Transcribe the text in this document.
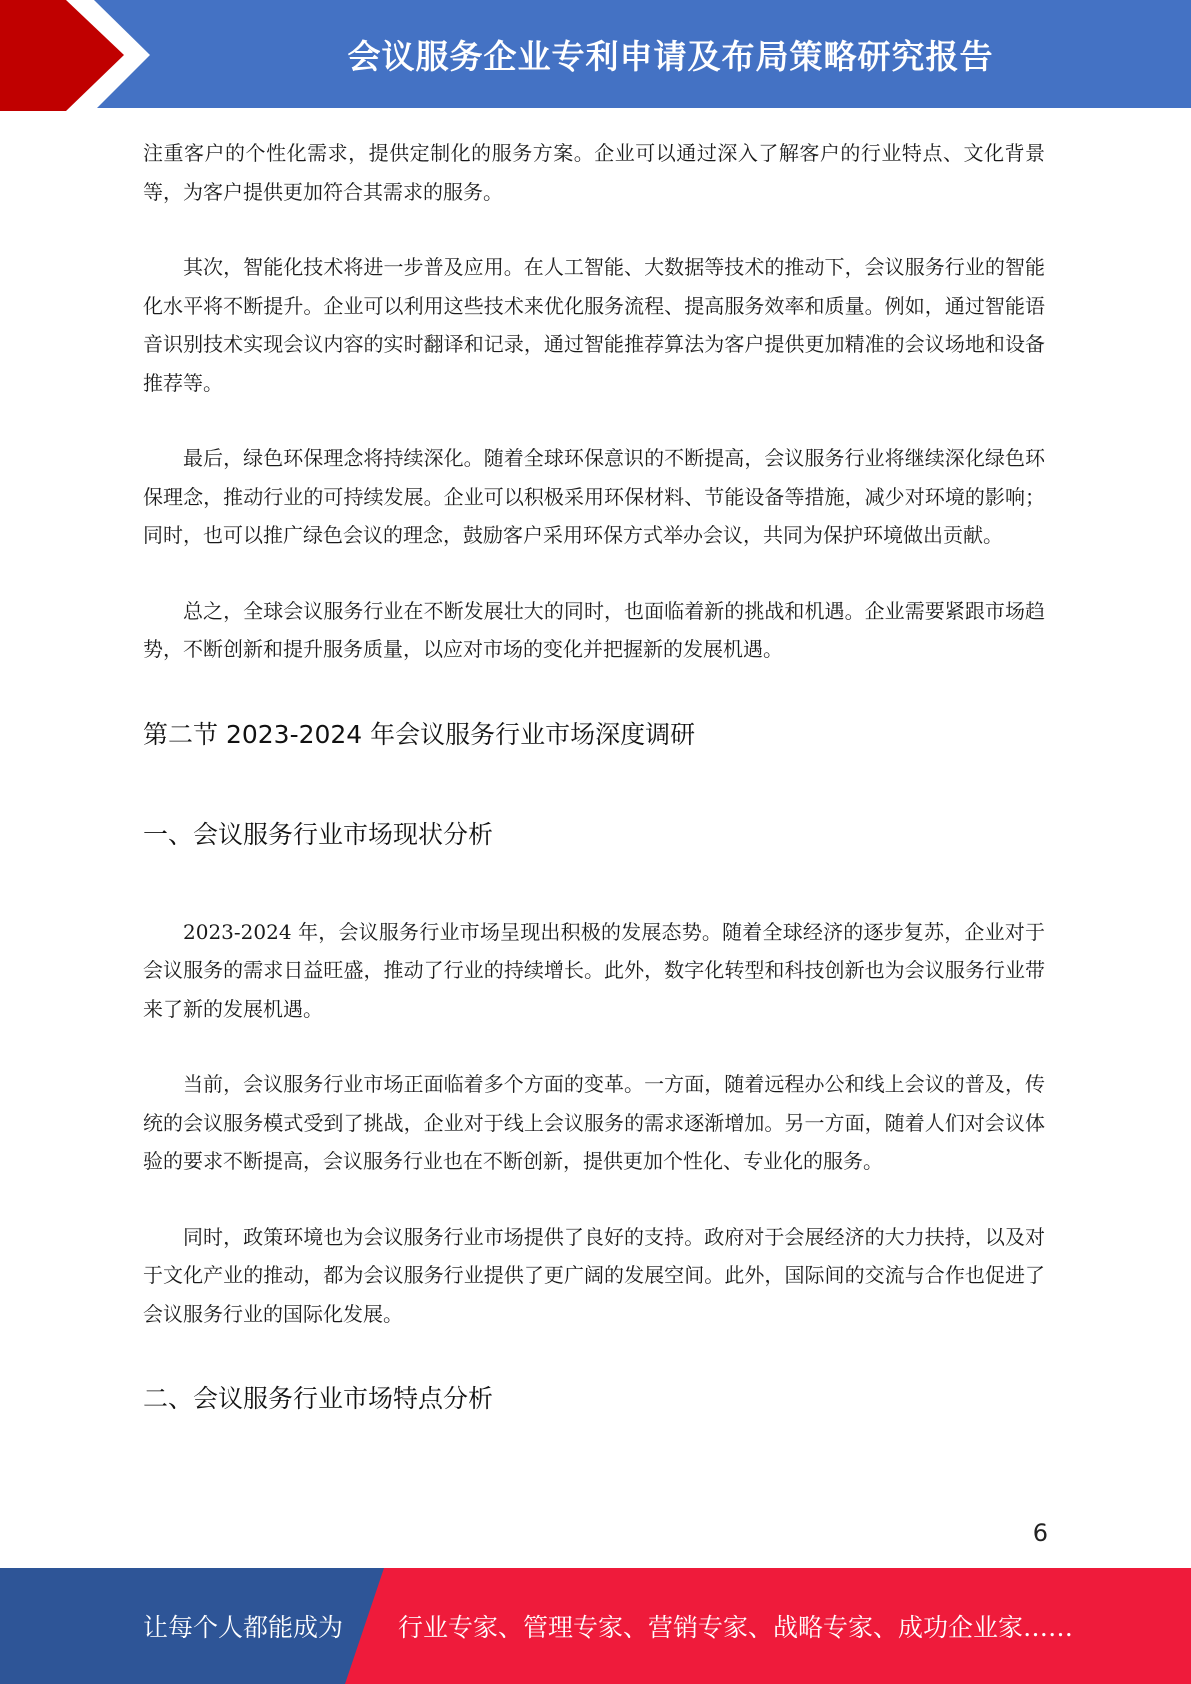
会议服务企业专利申请及布局策略研究报告

注重客户的个性化需求，提供定制化的服务方案。企业可以通过深入了解客户的行业特点、文化背景等，为客户提供更加符合其需求的服务。

其次，智能化技术将进一步普及应用。在人工智能、大数据等技术的推动下，会议服务行业的智能化水平将不断提升。企业可以利用这些技术来优化服务流程、提高服务效率和质量。例如，通过智能语音识别技术实现会议内容的实时翻译和记录，通过智能推荐算法为客户提供更加精准的会议场地和设备推荐等。

最后，绿色环保理念将持续深化。随着全球环保意识的不断提高，会议服务行业将继续深化绿色环保理念，推动行业的可持续发展。企业可以积极采用环保材料、节能设备等措施，减少对环境的影响；同时，也可以推广绿色会议的理念，鼓励客户采用环保方式举办会议，共同为保护环境做出贡献。

总之，全球会议服务行业在不断发展壮大的同时，也面临着新的挑战和机遇。企业需要紧跟市场趋势，不断创新和提升服务质量，以应对市场的变化并把握新的发展机遇。

第二节 2023-2024 年会议服务行业市场深度调研
一、会议服务行业市场现状分析

2023-2024 年，会议服务行业市场呈现出积极的发展态势。随着全球经济的逐步复苏，企业对于会议服务的需求日益旺盛，推动了行业的持续增长。此外，数字化转型和科技创新也为会议服务行业带来了新的发展机遇。

当前，会议服务行业市场正面临着多个方面的变革。一方面，随着远程办公和线上会议的普及，传统的会议服务模式受到了挑战，企业对于线上会议服务的需求逐渐增加。另一方面，随着人们对会议体验的要求不断提高，会议服务行业也在不断创新，提供更加个性化、专业化的服务。

同时，政策环境也为会议服务行业市场提供了良好的支持。政府对于会展经济的大力扶持，以及对于文化产业的推动，都为会议服务行业提供了更广阔的发展空间。此外，国际间的交流与合作也促进了会议服务行业的国际化发展。

二、会议服务行业市场特点分析
6
让每个人都能成为 行业专家、管理专家、营销专家、战略专家、成功企业家……
